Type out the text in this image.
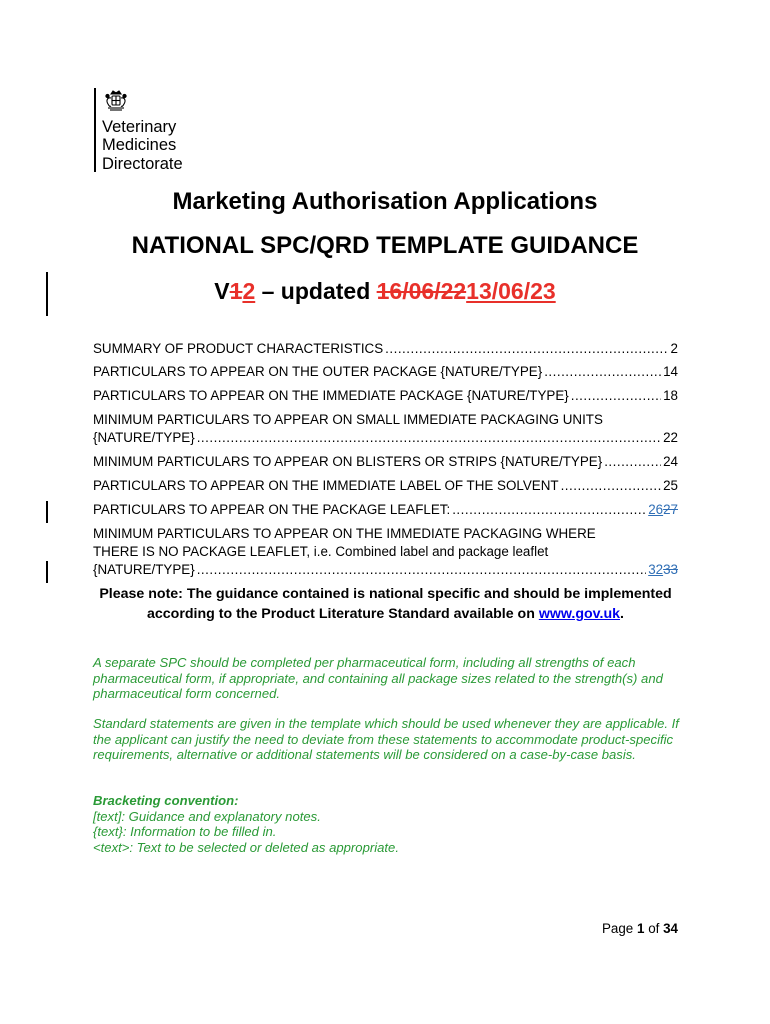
Veterinary
Medicines
Directorate
Marketing Authorisation Applications
NATIONAL SPC/QRD TEMPLATE GUIDANCE
V12 – updated 16/06/2213/06/23
SUMMARY OF PRODUCT CHARACTERISTICS .....	2
PARTICULARS TO APPEAR ON THE OUTER PACKAGE {NATURE/TYPE} .....	14
PARTICULARS TO APPEAR ON THE IMMEDIATE PACKAGE {NATURE/TYPE} .....	18
MINIMUM PARTICULARS TO APPEAR ON SMALL IMMEDIATE PACKAGING UNITS
{NATURE/TYPE} .....	22
MINIMUM PARTICULARS TO APPEAR ON BLISTERS OR STRIPS {NATURE/TYPE} .....	24
PARTICULARS TO APPEAR ON THE IMMEDIATE LABEL OF THE SOLVENT .....	25
PARTICULARS TO APPEAR ON THE PACKAGE LEAFLET: .....	2627
MINIMUM PARTICULARS TO APPEAR ON THE IMMEDIATE PACKAGING WHERE
THERE IS NO PACKAGE LEAFLET, i.e. Combined label and package leaflet
{NATURE/TYPE} .....	3233
Please note: The guidance contained is national specific and should be implemented according to the Product Literature Standard available on www.gov.uk.
A separate SPC should be completed per pharmaceutical form, including all strengths of each pharmaceutical form, if appropriate, and containing all package sizes related to the strength(s) and pharmaceutical form concerned.
Standard statements are given in the template which should be used whenever they are applicable. If the applicant can justify the need to deviate from these statements to accommodate product-specific requirements, alternative or additional statements will be considered on a case-by-case basis.
Bracketing convention:
[text]: Guidance and explanatory notes.
{text}: Information to be filled in.
<text>: Text to be selected or deleted as appropriate.
Page 1 of 34
